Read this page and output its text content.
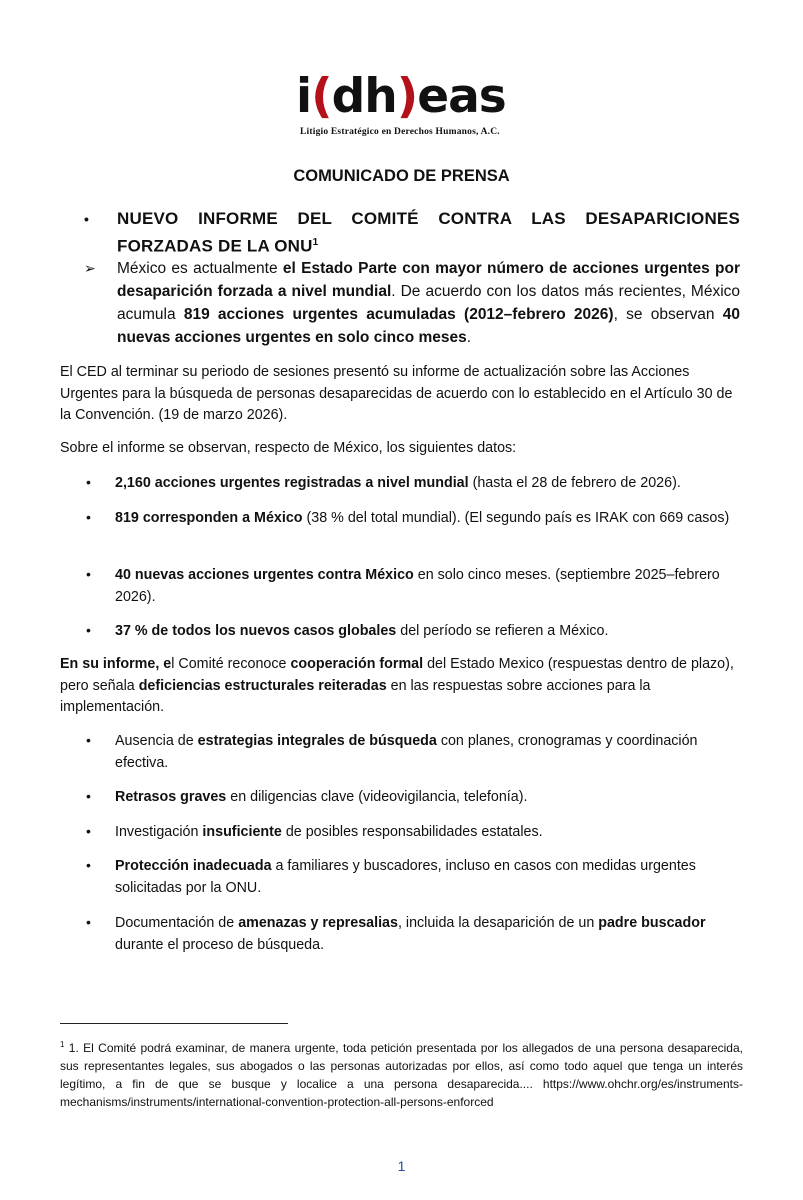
i(dh)eas
Litigio Estratégico en Derechos Humanos, A.C.
COMUNICADO DE PRENSA
• NUEVO INFORME DEL COMITÉ CONTRA LAS DESAPARICIONES FORZADAS DE LA ONU$^1$
➢ México es actualmente el Estado Parte con mayor número de acciones urgentes por desaparición forzada a nivel mundial. De acuerdo con los datos más recientes, México acumula 819 acciones urgentes acumuladas (2012–febrero 2026), se observan 40 nuevas acciones urgentes en solo cinco meses.
El CED al terminar su periodo de sesiones presentó su informe de actualización sobre las Acciones Urgentes para la búsqueda de personas desaparecidas de acuerdo con lo establecido en el Artículo 30 de la Convención. (19 de marzo 2026).
Sobre el informe se observan, respecto de México, los siguientes datos:
• 2,160 acciones urgentes registradas a nivel mundial (hasta el 28 de febrero de 2026).
• 819 corresponden a México (38 % del total mundial). (El segundo país es IRAK con 669 casos)
• 40 nuevas acciones urgentes contra México en solo cinco meses. (septiembre 2025–febrero 2026).
• 37 % de todos los nuevos casos globales del período se refieren a México.
En su informe, el Comité reconoce cooperación formal del Estado Mexico (respuestas dentro de plazo), pero señala deficiencias estructurales reiteradas en las respuestas sobre acciones para la implementación.
• Ausencia de estrategias integrales de búsqueda con planes, cronogramas y coordinación efectiva.
• Retrasos graves en diligencias clave (videovigilancia, telefonía).
• Investigación insuficiente de posibles responsabilidades estatales.
• Protección inadecuada a familiares y buscadores, incluso en casos con medidas urgentes solicitadas por la ONU.
• Documentación de amenazas y represalias, incluida la desaparición de un padre buscador durante el proceso de búsqueda.
$^1$ 1. El Comité podrá examinar, de manera urgente, toda petición presentada por los allegados de una persona desaparecida, sus representantes legales, sus abogados o las personas autorizadas por ellos, así como todo aquel que tenga un interés legítimo, a fin de que se busque y localice a una persona desaparecida.... https://www.ohchr.org/es/instruments-mechanisms/instruments/international-convention-protection-all-persons-enforced
1
